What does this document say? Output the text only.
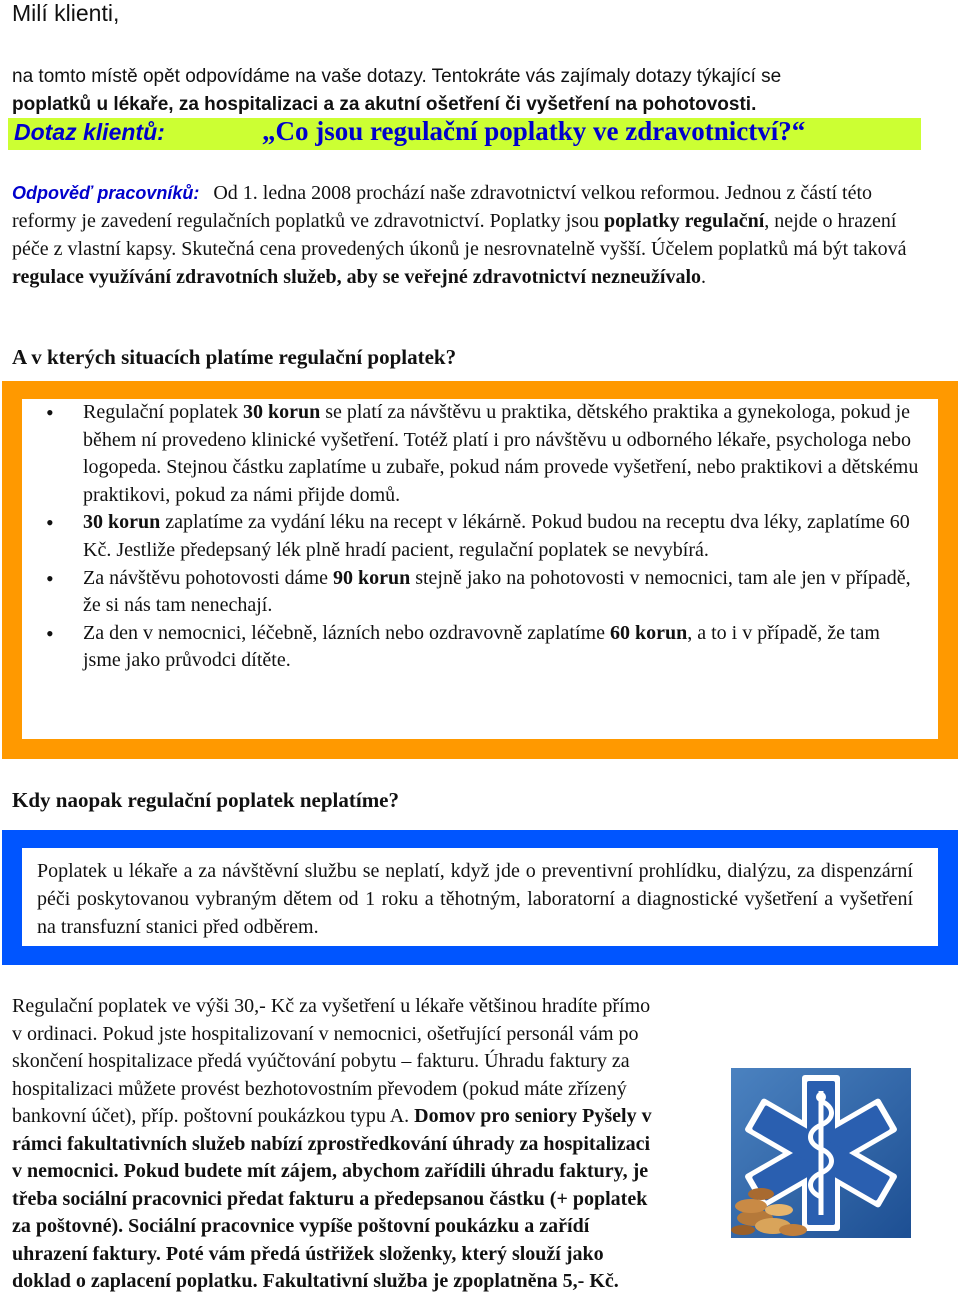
Milí klienti,
na tomto místě opět odpovídáme na vaše dotazy. Tentokráte vás zajímaly dotazy týkající se
poplatků u lékaře, za hospitalizaci a za akutní ošetření či vyšetření na pohotovosti.
Dotaz klientů:	„Co jsou regulační poplatky ve zdravotnictví?“
Odpověď pracovníků: Od 1. ledna 2008 prochází naše zdravotnictví velkou reformou. Jednou z částí této reformy je zavedení regulačních poplatků ve zdravotnictví. Poplatky jsou poplatky regulační, nejde o hrazení péče z vlastní kapsy. Skutečná cena provedených úkonů je nesrovnatelně vyšší. Účelem poplatků má být taková regulace využívání zdravotních služeb, aby se veřejné zdravotnictví nezneužívalo.
A v kterých situacích platíme regulační poplatek?
• Regulační poplatek 30 korun se platí za návštěvu u praktika, dětského praktika a gynekologa, pokud je během ní provedeno klinické vyšetření. Totéž platí i pro návštěvu u odborného lékaře, psychologa nebo logopeda. Stejnou částku zaplatíme u zubaře, pokud nám provede vyšetření, nebo praktikovi a dětskému praktikovi, pokud za námi přijde domů.
• 30 korun zaplatíme za vydání léku na recept v lékárně. Pokud budou na receptu dva léky, zaplatíme 60 Kč. Jestliže předepsaný lék plně hradí pacient, regulační poplatek se nevybírá.
• Za návštěvu pohotovosti dáme 90 korun stejně jako na pohotovosti v nemocnici, tam ale jen v případě, že si nás tam nenechají.
• Za den v nemocnici, léčebně, lázních nebo ozdravovně zaplatíme 60 korun, a to i v případě, že tam jsme jako průvodci dítěte.
Kdy naopak regulační poplatek neplatíme?
Poplatek u lékaře a za návštěvní službu se neplatí, když jde o preventivní prohlídku, dialýzu, za dispenzární péči poskytovanou vybraným dětem od 1 roku a těhotným, laboratorní a diagnostické vyšetření a vyšetření na transfuzní stanici před odběrem.
Regulační poplatek ve výši 30,- Kč za vyšetření u lékaře většinou hradíte přímo v ordinaci. Pokud jste hospitalizovaní v nemocnici, ošetřující personál vám po skončení hospitalizace předá vyúčtování pobytu – fakturu. Úhradu faktury za hospitalizaci můžete provést bezhotovostním převodem (pokud máte zřízený bankovní účet), příp. poštovní poukázkou typu A. Domov pro seniory Pyšely v rámci fakultativních služeb nabízí zprostředkování úhrady za hospitalizaci v nemocnici. Pokud budete mít zájem, abychom zařídili úhradu faktury, je třeba sociální pracovnici předat fakturu a předepsanou částku (+ poplatek za poštovné). Sociální pracovnice vypíše poštovní poukázku a zařídí uhrazení faktury. Poté vám předá ústřižek složenky, který slouží jako doklad o zaplacení poplatku. Fakultativní služba je zpoplatněna 5,- Kč.
